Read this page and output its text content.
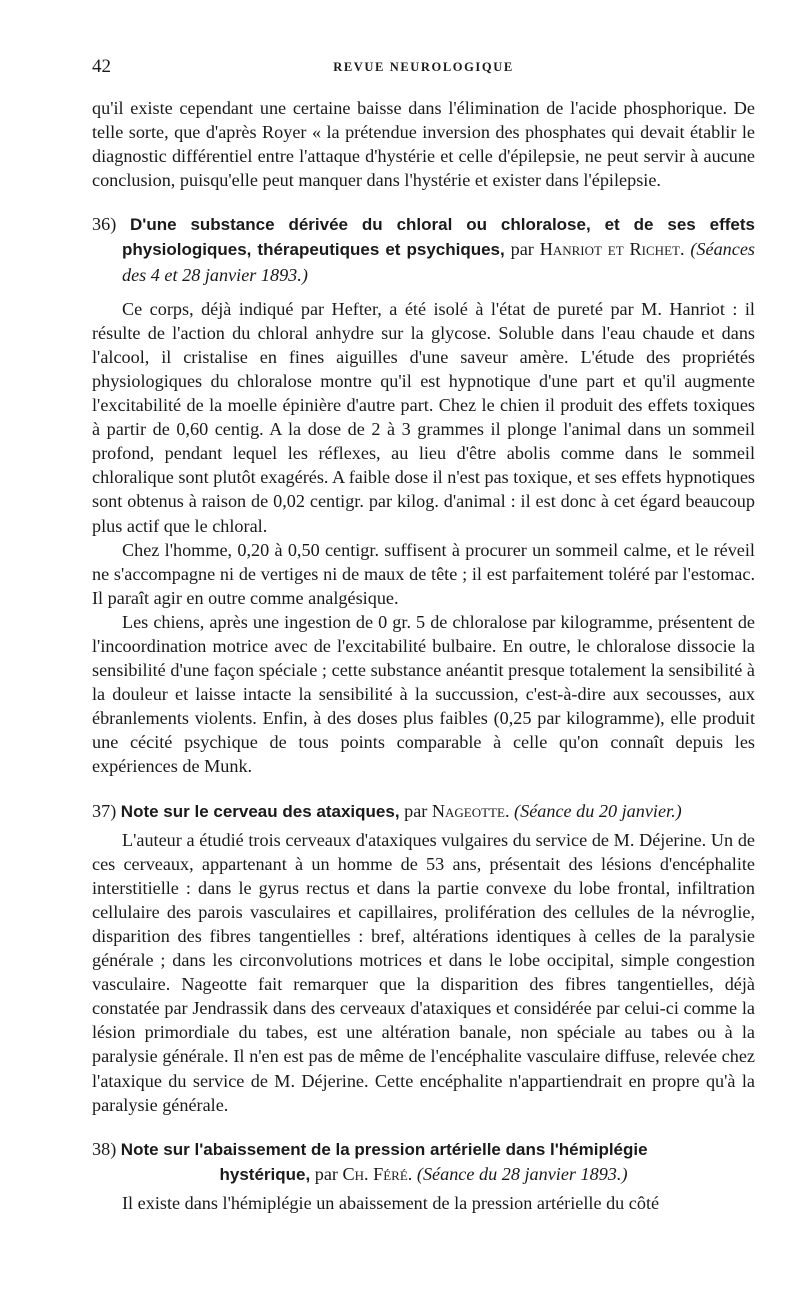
42	REVUE NEUROLOGIQUE

qu'il existe cependant une certaine baisse dans l'élimination de l'acide phosphorique. De telle sorte, que d'après Royer « la prétendue inversion des phosphates qui devait établir le diagnostic différentiel entre l'attaque d'hystérie et celle d'épilepsie, ne peut servir à aucune conclusion, puisqu'elle peut manquer dans l'hystérie et exister dans l'épilepsie.

36) D'une substance dérivée du chloral ou chloralose, et de ses effets physiologiques, thérapeutiques et psychiques, par Hanriot et Richet. (Séances des 4 et 28 janvier 1893.)

Ce corps, déjà indiqué par Hefter, a été isolé à l'état de pureté par M. Hanriot : il résulte de l'action du chloral anhydre sur la glycose. Soluble dans l'eau chaude et dans l'alcool, il cristalise en fines aiguilles d'une saveur amère. L'étude des propriétés physiologiques du chloralose montre qu'il est hypnotique d'une part et qu'il augmente l'excitabilité de la moelle épinière d'autre part. Chez le chien il produit des effets toxiques à partir de 0,60 centig. A la dose de 2 à 3 grammes il plonge l'animal dans un sommeil profond, pendant lequel les réflexes, au lieu d'être abolis comme dans le sommeil chloralique sont plutôt exagérés. A faible dose il n'est pas toxique, et ses effets hypnotiques sont obtenus à raison de 0,02 centigr. par kilog. d'animal : il est donc à cet égard beaucoup plus actif que le chloral.

Chez l'homme, 0,20 à 0,50 centigr. suffisent à procurer un sommeil calme, et le réveil ne s'accompagne ni de vertiges ni de maux de tête ; il est parfaitement toléré par l'estomac. Il paraît agir en outre comme analgésique.

Les chiens, après une ingestion de 0 gr. 5 de chloralose par kilogramme, présentent de l'incoordination motrice avec de l'excitabilité bulbaire. En outre, le chloralose dissocie la sensibilité d'une façon spéciale ; cette substance anéantit presque totalement la sensibilité à la douleur et laisse intacte la sensibilité à la succussion, c'est-à-dire aux secousses, aux ébranlements violents. Enfin, à des doses plus faibles (0,25 par kilogramme), elle produit une cécité psychique de tous points comparable à celle qu'on connaît depuis les expériences de Munk.

37) Note sur le cerveau des ataxiques, par Nageotte. (Séance du 20 janvier.)

L'auteur a étudié trois cerveaux d'ataxiques vulgaires du service de M. Déjerine. Un de ces cerveaux, appartenant à un homme de 53 ans, présentait des lésions d'encéphalite interstitielle : dans le gyrus rectus et dans la partie convexe du lobe frontal, infiltration cellulaire des parois vasculaires et capillaires, prolifération des cellules de la névroglie, disparition des fibres tangentielles : bref, altérations identiques à celles de la paralysie générale ; dans les circonvolutions motrices et dans le lobe occipital, simple congestion vasculaire. Nageotte fait remarquer que la disparition des fibres tangentielles, déjà constatée par Jendrassik dans des cerveaux d'ataxiques et considérée par celui-ci comme la lésion primordiale du tabes, est une altération banale, non spéciale au tabes ou à la paralysie générale. Il n'en est pas de même de l'encéphalite vasculaire diffuse, relevée chez l'ataxique du service de M. Déjerine. Cette encéphalite n'appartiendrait en propre qu'à la paralysie générale.

38) Note sur l'abaissement de la pression artérielle dans l'hémiplégie

hystérique, par Ch. Féré. (Séance du 28 janvier 1893.)

Il existe dans l'hémiplégie un abaissement de la pression artérielle du côté
